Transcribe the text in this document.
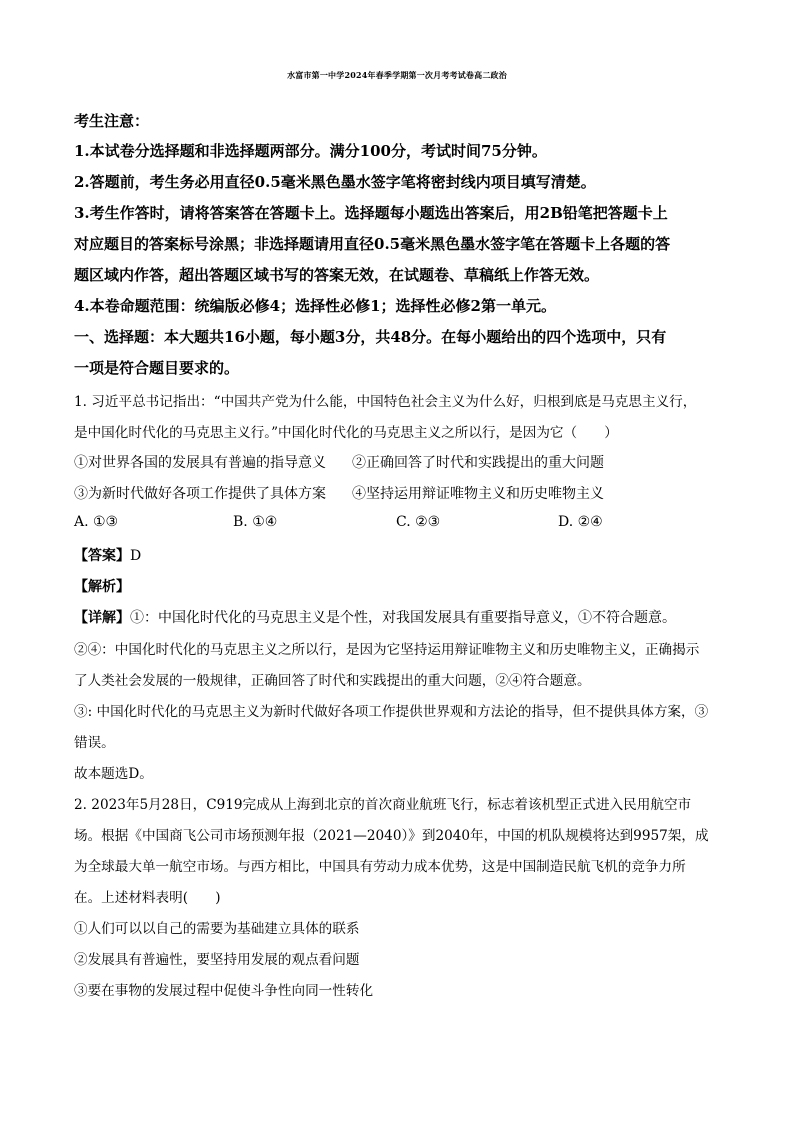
水富市第一中学2024年春季学期第一次月考考试卷高二政治
考生注意：
1.本试卷分选择题和非选择题两部分。满分100分，考试时间75分钟。
2.答题前，考生务必用直径0.5毫米黑色墨水签字笔将密封线内项目填写清楚。
3.考生作答时，请将答案答在答题卡上。选择题每小题选出答案后，用2B铅笔把答题卡上
对应题目的答案标号涂黑；非选择题请用直径0.5毫米黑色墨水签字笔在答题卡上各题的答
题区域内作答，超出答题区域书写的答案无效，在试题卷、草稿纸上作答无效。
4.本卷命题范围：统编版必修4；选择性必修1；选择性必修2第一单元。
一、选择题：本大题共16小题，每小题3分，共48分。在每小题给出的四个选项中，只有
一项是符合题目要求的。
1. 习近平总书记指出：“中国共产党为什么能，中国特色社会主义为什么好，归根到底是马克思主义行，
是中国化时代化的马克思主义行。”中国化时代化的马克思主义之所以行，是因为它（　　）
①对世界各国的发展具有普遍的指导意义 ②正确回答了时代和实践提出的重大问题
③为新时代做好各项工作提供了具体方案 ④坚持运用辩证唯物主义和历史唯物主义
A. ①③	B. ①④	C. ②③	D. ②④
【答案】D
【解析】
【详解】①：中国化时代化的马克思主义是个性，对我国发展具有重要指导意义，①不符合题意。
②④：中国化时代化的马克思主义之所以行，是因为它坚持运用辩证唯物主义和历史唯物主义，正确揭示
了人类社会发展的一般规律，正确回答了时代和实践提出的重大问题，②④符合题意。
③: 中国化时代化的马克思主义为新时代做好各项工作提供世界观和方法论的指导，但不提供具体方案，③
错误。
故本题选D。
2. 2023年5月28日，C919完成从上海到北京的首次商业航班飞行，标志着该机型正式进入民用航空市
场。根据《中国商飞公司市场预测年报（2021—2040）》到2040年，中国的机队规模将达到9957架，成
为全球最大单一航空市场。与西方相比，中国具有劳动力成本优势，这是中国制造民航飞机的竞争力所
在。上述材料表明(　　)
①人们可以以自己的需要为基础建立具体的联系
②发展具有普遍性，要坚持用发展的观点看问题
③要在事物的发展过程中促使斗争性向同一性转化
